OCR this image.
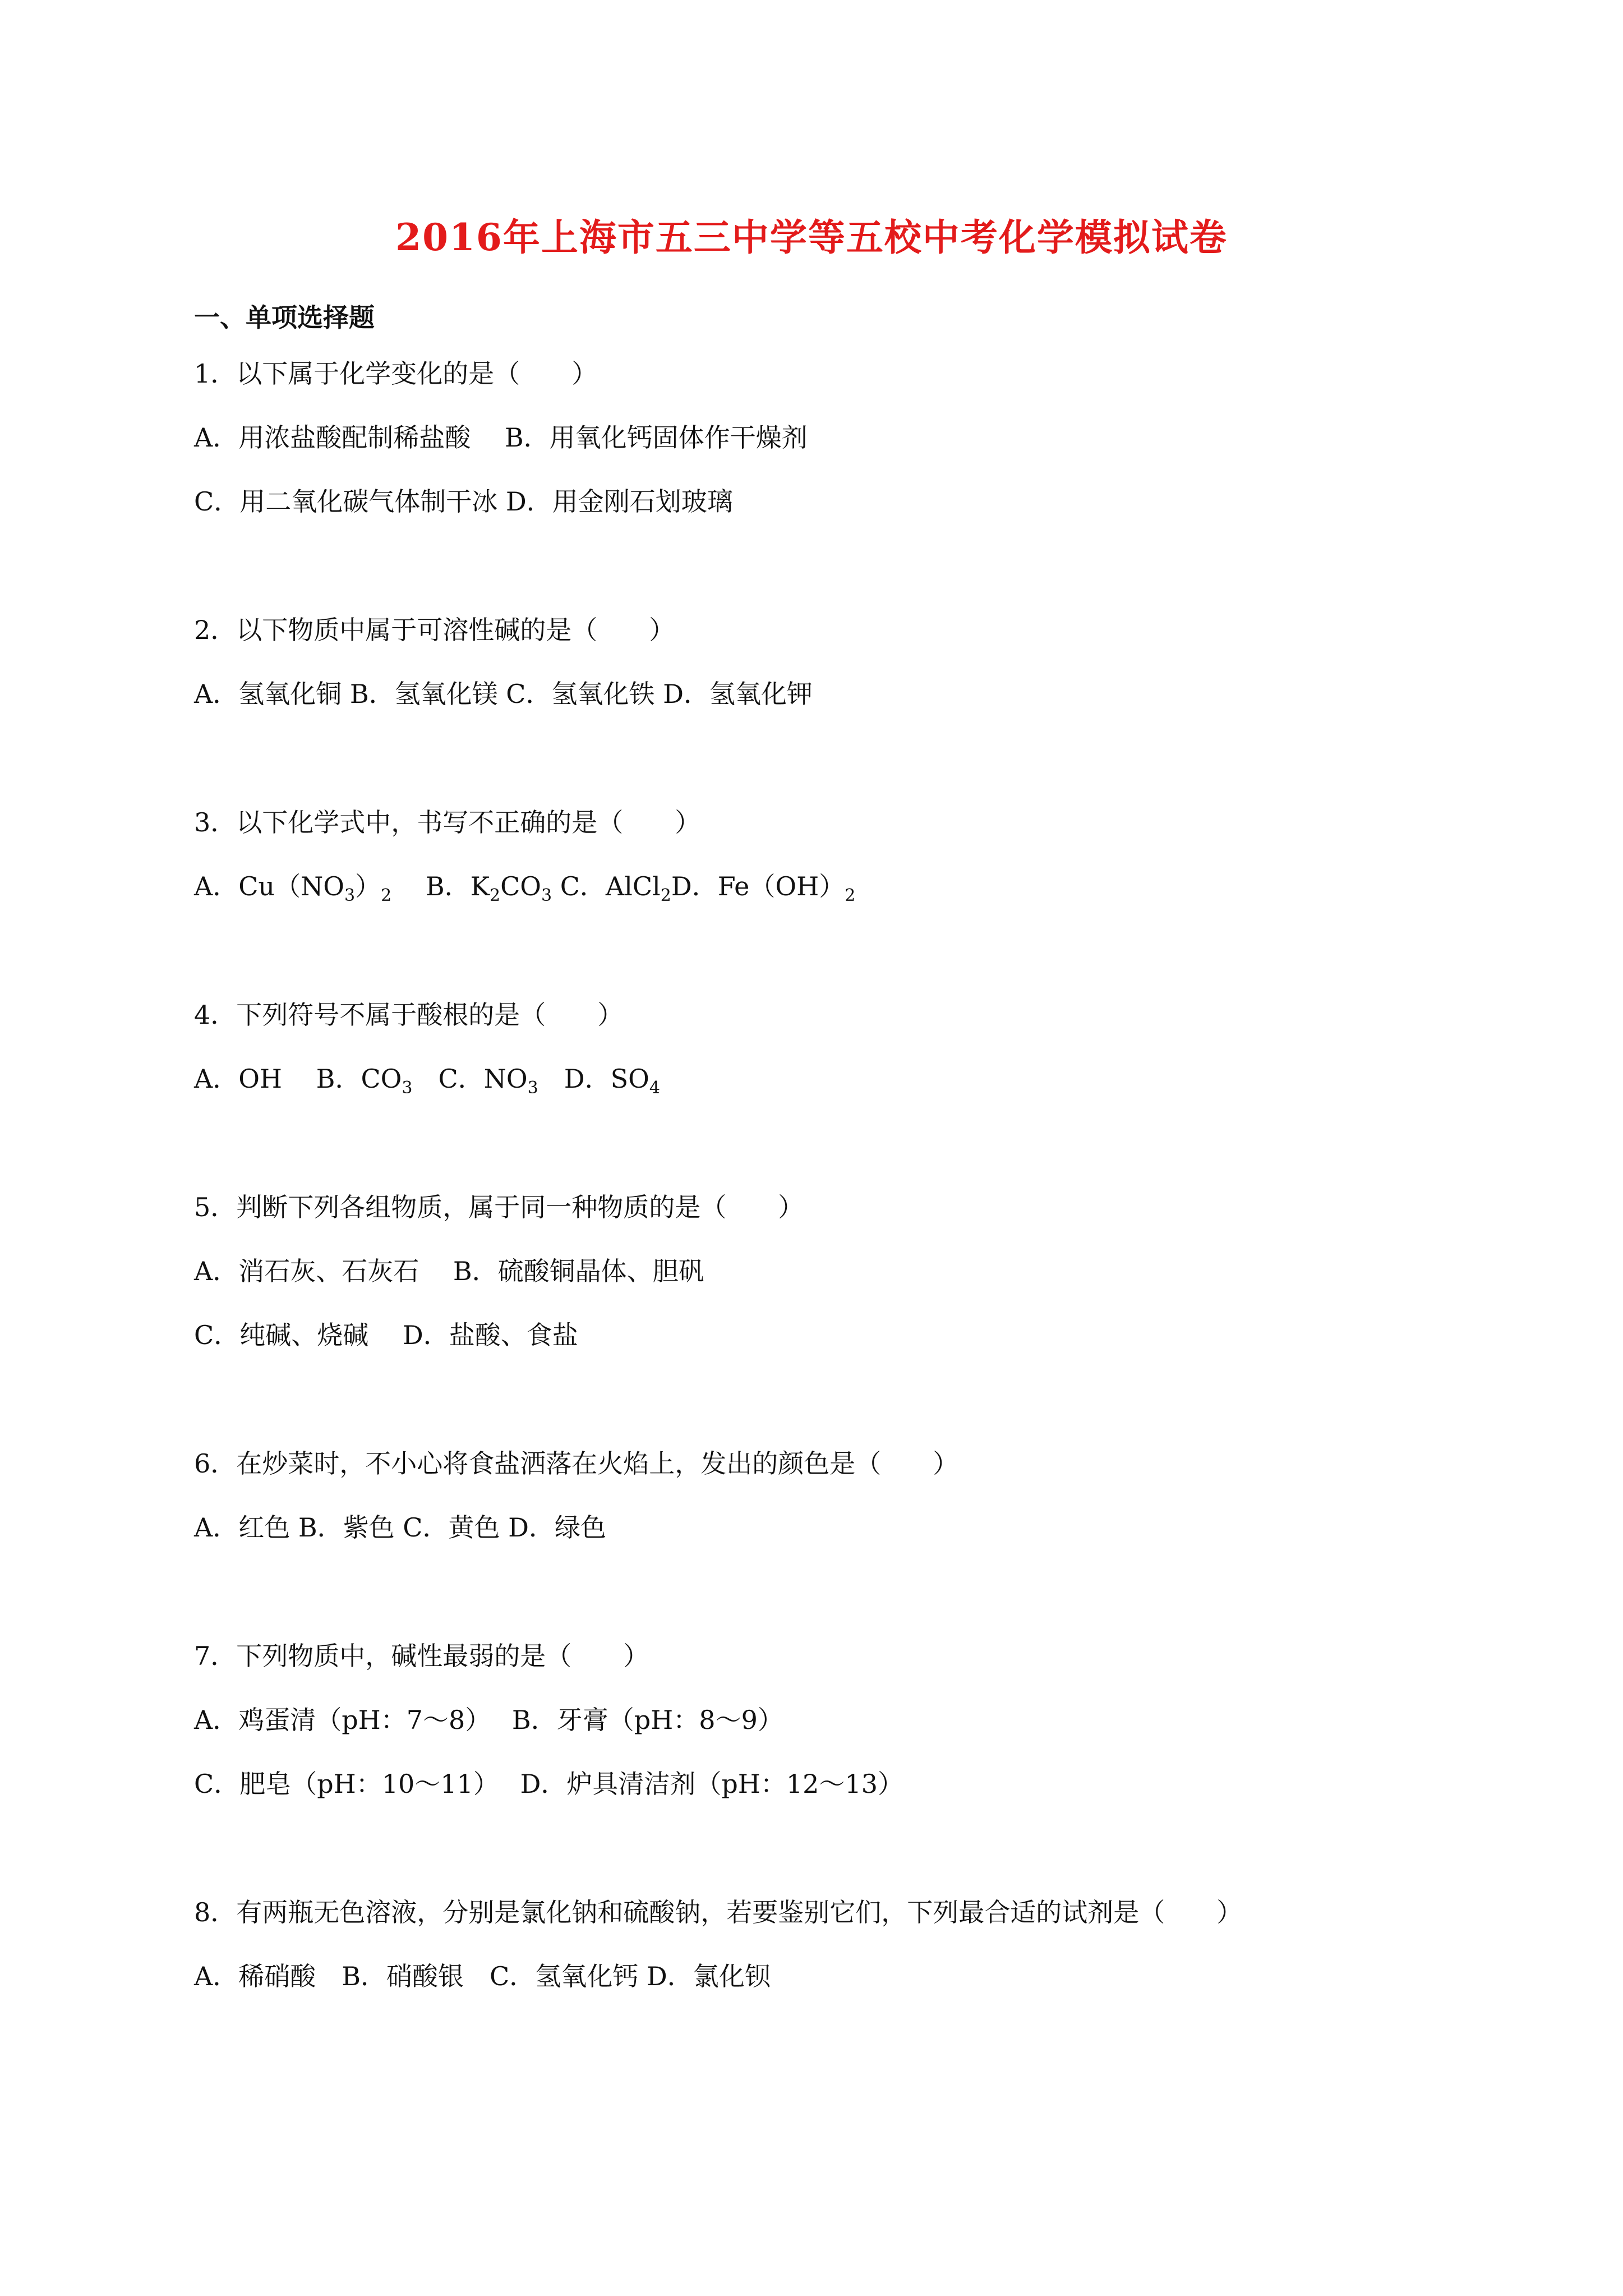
2016年上海市五三中学等五校中考化学模拟试卷
一、单项选择题
1．以下属于化学变化的是（　　）
A．用浓盐酸配制稀盐酸　 B．用氧化钙固体作干燥剂
C．用二氧化碳气体制干冰 D．用金刚石划玻璃
2．以下物质中属于可溶性碱的是（　　）
A．氢氧化铜 B．氢氧化镁 C．氢氧化铁 D．氢氧化钾
3．以下化学式中，书写不正确的是（　　）
A．$Cu(NO_3)_2$　 B．$K_2CO_3$ C．AlCl$_2$D．$Fe(OH)_2$
4．下列符号不属于酸根的是（　　）
A．OH　 B．$CO_3$　C．$NO_3$　D．$SO_4$
5．判断下列各组物质，属于同一种物质的是（　　）
A．消石灰、石灰石　 B．硫酸铜晶体、胆矾
C．纯碱、烧碱　 D．盐酸、食盐
6．在炒菜时，不小心将食盐洒落在火焰上，发出的颜色是（　　）
A．红色 B．紫色 C．黄色 D．绿色
7．下列物质中，碱性最弱的是（　　）
A．鸡蛋清（pH：7～8）　 B．牙膏（pH：8～9）
C．肥皂（pH：10～11）　 D．炉具清洁剂（pH：12～13）
8．有两瓶无色溶液，分别是氯化钠和硫酸钠，若要鉴别它们，下列最合适的试剂是（　　）
A．稀硝酸　B．硝酸银　C．氢氧化钙 D．氯化钡
